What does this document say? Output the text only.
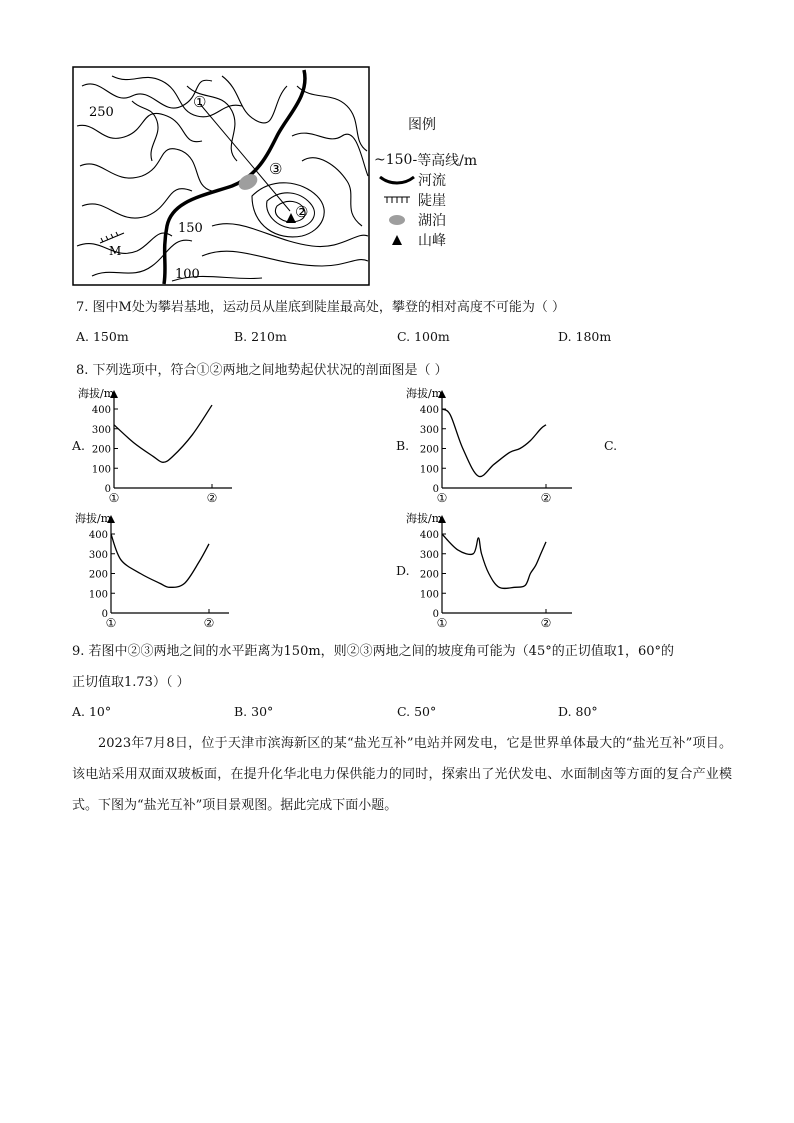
250
150
100
M
①
③
②
图例
~150- 等高线/m
河流
陡崖
湖泊
山峰
7. 图中M处为攀岩基地，运动员从崖底到陡崖最高处，攀登的相对高度不可能为（ ）
A. 150m	B. 210m	C. 100m	D. 180m
8. 下列选项中，符合①②两地之间地势起伏状况的剖面图是（ ）
A.	B.	C.
D.
海拔/m
400
300
200
100
0
①	②
海拔/m
400
300
200
100
0
①	②
海拔/m
400
300
200
100
0
①	②
海拔/m
400
300
200
100
0
①	②
9. 若图中②③两地之间的水平距离为150m，则②③两地之间的坡度角可能为（45°的正切值取1，60°的
正切值取1.73）（ ）
A. 10°	B. 30°	C. 50°	D. 80°
2023年7月8日，位于天津市滨海新区的某“盐光互补”电站并网发电，它是世界单体最大的“盐光互补”项目。该电站采用双面双玻板面，在提升化华北电力保供能力的同时，探索出了光伏发电、水面制卤等方面的复合产业模式。下图为“盐光互补”项目景观图。据此完成下面小题。
